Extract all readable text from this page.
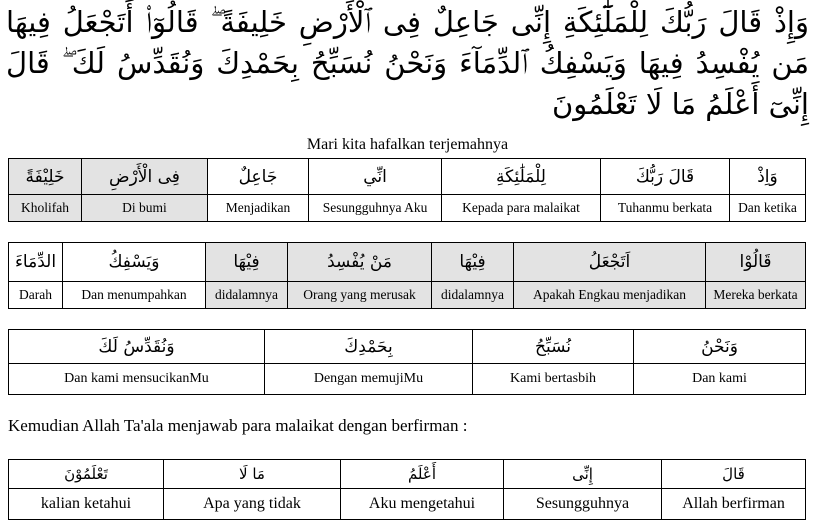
وَإِذْ قَالَ رَبُّكَ لِلْمَلَٰٓئِكَةِ إِنِّى جَاعِلٌ فِى ٱلْأَرْضِ خَلِيفَةً ۖ قَالُوٓا۟ أَتَجْعَلُ فِيهَا مَن يُفْسِدُ فِيهَا وَيَسْفِكُ ٱلدِّمَآءَ وَنَحْنُ نُسَبِّحُ بِحَمْدِكَ وَنُقَدِّسُ لَكَ ۖ قَالَ إِنِّىٓ أَعْلَمُ مَا لَا تَعْلَمُونَ

Mari kita hafalkan terjemahnya
خَلِيْفَةً	فِى الْأَرْضِ	جَاعِلٌ	انِّي	لِلْمَلَٰئِكَةِ	قَالَ رَبُّكَ	وَاِذْ
Kholifah	Di bumi	Menjadikan	Sesungguhnya Aku	Kepada para malaikat	Tuhanmu berkata	Dan ketika
الدِّمَاءَ	وَيَسْفِكُ	فِيْهَا	مَنْ يُفْسِدُ	فِيْهَا	اَتَجْعَلُ	قَالُوْا
Darah	Dan menumpahkan	didalamnya	Orang yang merusak	didalamnya	Apakah Engkau menjadikan	Mereka berkata
وَنُقَدِّسُ لَكَ	بِحَمْدِكَ	نُسَبِّحُ	وَنَحْنُ
Dan kami mensucikanMu	Dengan memujiMu	Kami bertasbih	Dan kami
Kemudian Allah Ta'ala menjawab para malaikat dengan berfirman :
تَعْلَمُوْنَ	مَا لَا	أَعْلَمُ	إِنِّى	قَالَ
kalian ketahui	Apa yang tidak	Aku mengetahui	Sesungguhnya	Allah berfirman
